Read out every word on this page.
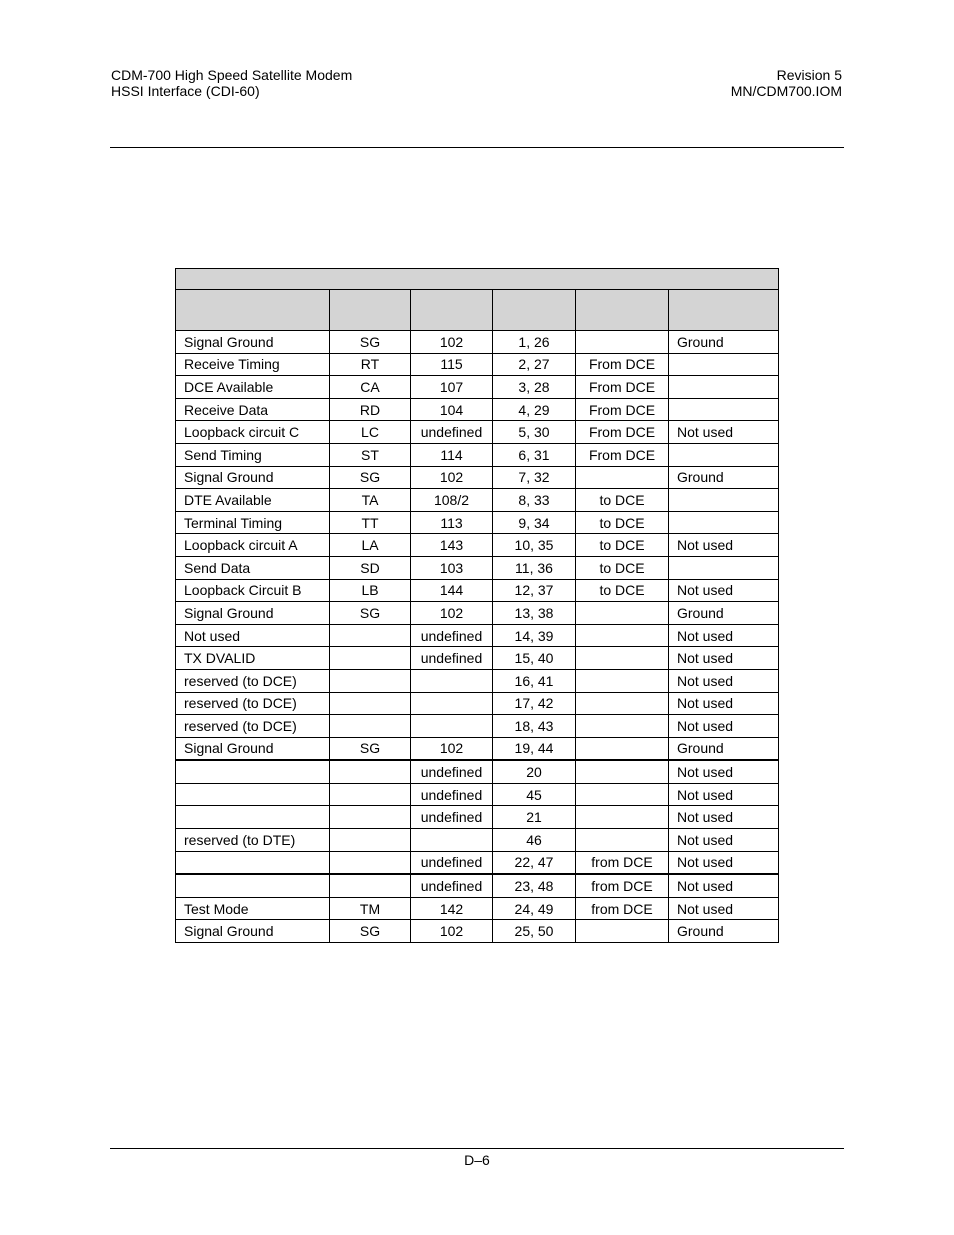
CDM-700 High Speed Satellite Modem
HSSI Interface (CDI-60)
Revision 5
MN/CDM700.IOM

Signal Ground	SG	102	1, 26		Ground
Receive Timing	RT	115	2, 27	From DCE	
DCE Available	CA	107	3, 28	From DCE	
Receive Data	RD	104	4, 29	From DCE	
Loopback circuit C	LC	undefined	5, 30	From DCE	Not used
Send Timing	ST	114	6, 31	From DCE	
Signal Ground	SG	102	7, 32		Ground
DTE Available	TA	108/2	8, 33	to DCE	
Terminal Timing	TT	113	9, 34	to DCE	
Loopback circuit A	LA	143	10, 35	to DCE	Not used
Send Data	SD	103	11, 36	to DCE	
Loopback Circuit B	LB	144	12, 37	to DCE	Not used
Signal Ground	SG	102	13, 38		Ground
Not used		undefined	14, 39		Not used
TX DVALID		undefined	15, 40		Not used
reserved (to DCE)			16, 41		Not used
reserved (to DCE)			17, 42		Not used
reserved (to DCE)			18, 43		Not used
Signal Ground	SG	102	19, 44		Ground
		undefined	20		Not used
		undefined	45		Not used
		undefined	21		Not used
reserved (to DTE)			46		Not used
		undefined	22, 47	from DCE	Not used
		undefined	23, 48	from DCE	Not used
Test Mode	TM	142	24, 49	from DCE	Not used
Signal Ground	SG	102	25, 50		Ground
D–6
